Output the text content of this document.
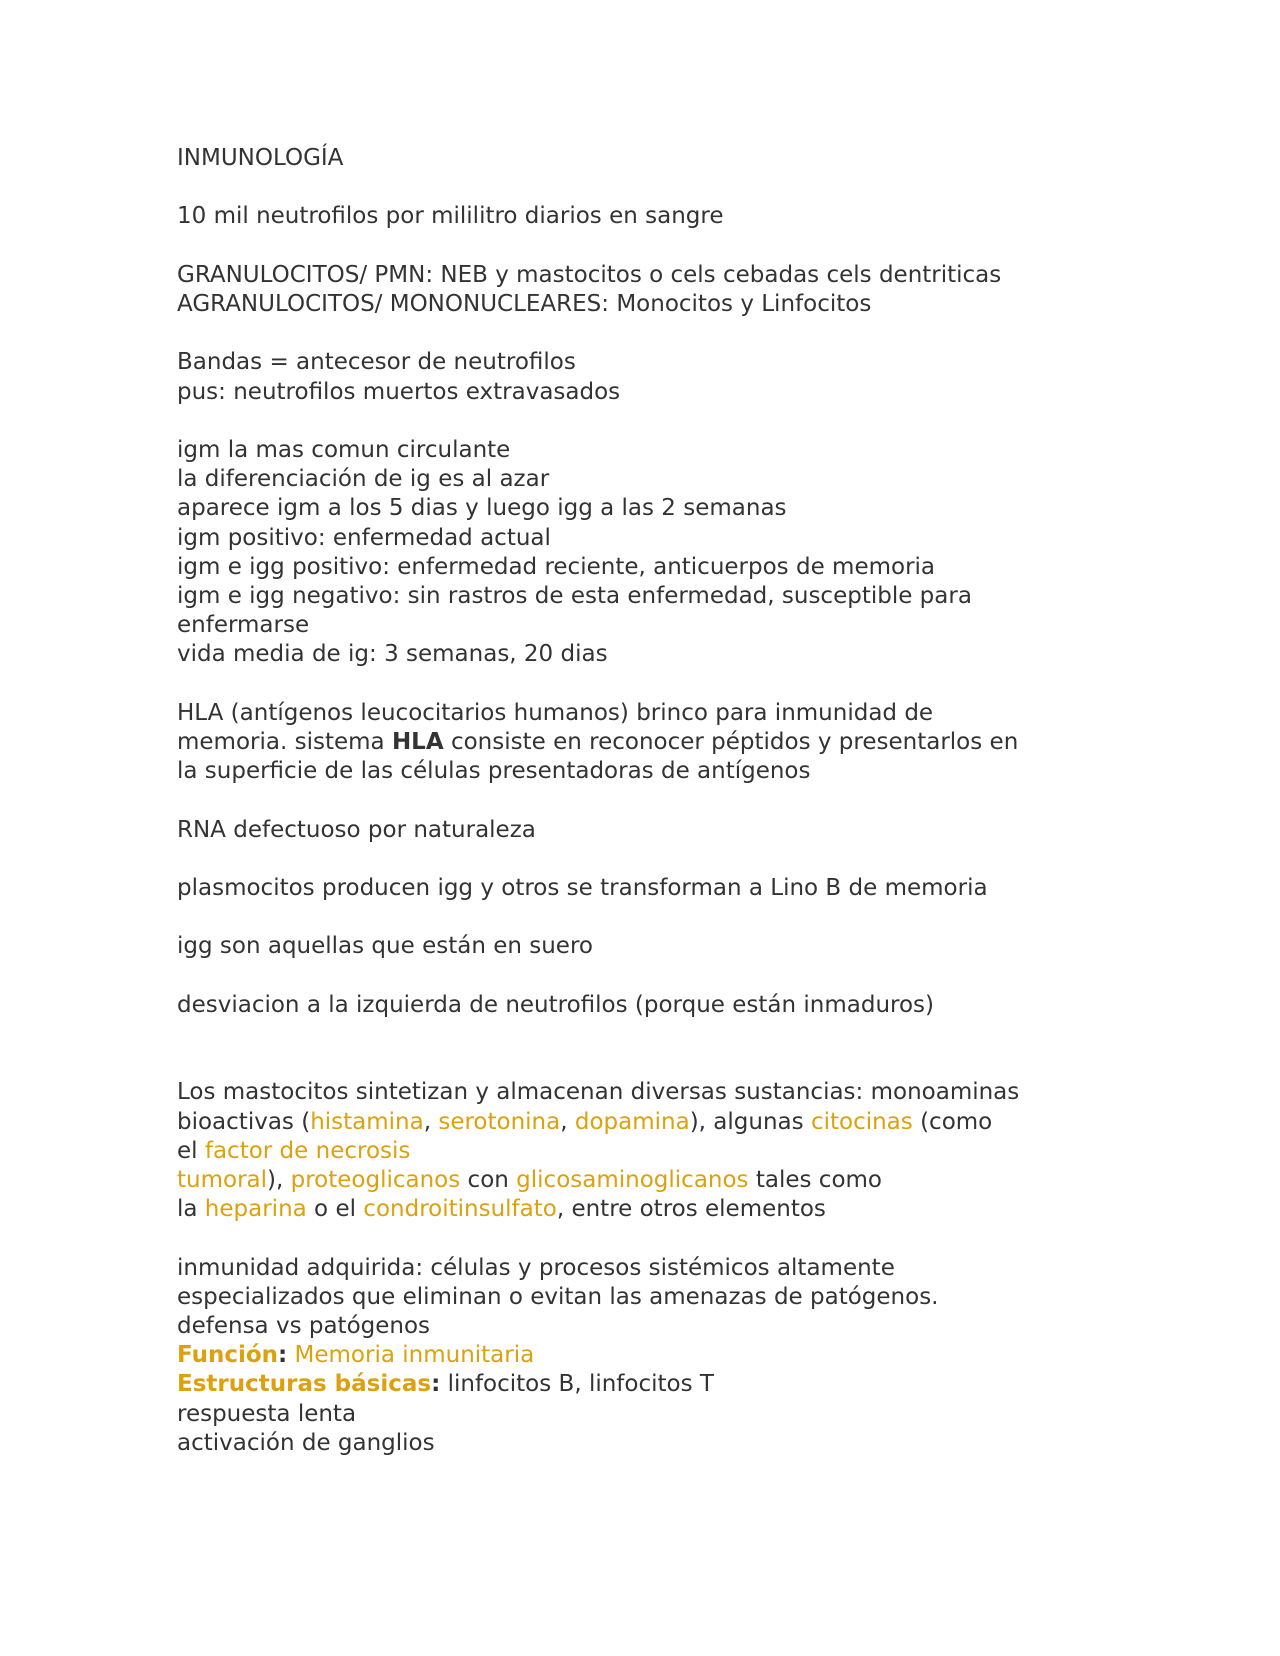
INMUNOLOGÍA
10 mil neutrofilos por mililitro diarios en sangre
GRANULOCITOS/ PMN: NEB y mastocitos o cels cebadas cels dentriticas
AGRANULOCITOS/ MONONUCLEARES: Monocitos y Linfocitos
Bandas = antecesor de neutrofilos
pus: neutrofilos muertos extravasados
igm la mas comun circulante
la diferenciación de ig es al azar
aparece igm a los 5 dias y luego igg a las 2 semanas
igm positivo: enfermedad actual
igm e igg positivo: enfermedad reciente, anticuerpos de memoria
igm e igg negativo: sin rastros de esta enfermedad, susceptible para
enfermarse
vida media de ig: 3 semanas, 20 dias
HLA (antígenos leucocitarios humanos) brinco para inmunidad de
memoria. sistema HLA consiste en reconocer péptidos y presentarlos en
la superficie de las células presentadoras de antígenos
RNA defectuoso por naturaleza
plasmocitos producen igg y otros se transforman a Lino B de memoria
igg son aquellas que están en suero
desviacion a la izquierda de neutrofilos (porque están inmaduros)
Los mastocitos sintetizan y almacenan diversas sustancias: monoaminas
bioactivas (histamina, serotonina, dopamina), algunas citocinas (como
el factor de necrosis
tumoral), proteoglicanos con glicosaminoglicanos tales como
la heparina o el condroitinsulfato, entre otros elementos
inmunidad adquirida: células y procesos sistémicos altamente
especializados que eliminan o evitan las amenazas de patógenos.
defensa vs patógenos
Función: Memoria inmunitaria
Estructuras básicas: linfocitos B, linfocitos T
respuesta lenta
activación de ganglios
